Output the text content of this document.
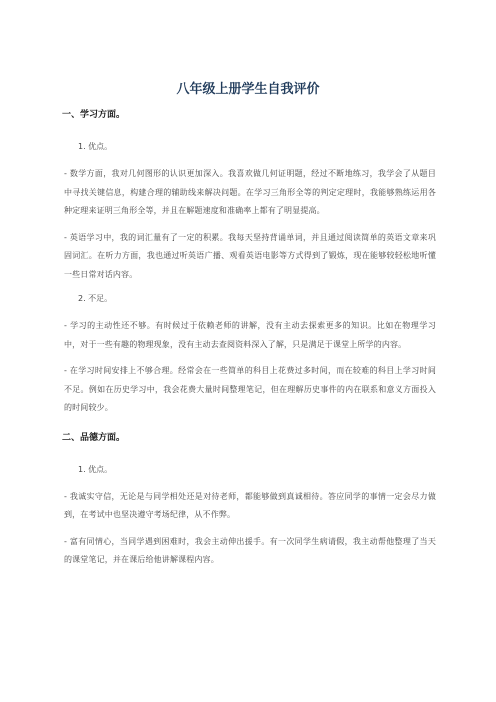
八年级上册学生自我评价
一、学习方面。
1. 优点。
- 数学方面，我对几何图形的认识更加深入。我喜欢做几何证明题，经过不断地练习，我学会了从题目中寻找关键信息，构建合理的辅助线来解决问题。在学习三角形全等的判定定理时，我能够熟练运用各种定理来证明三角形全等，并且在解题速度和准确率上都有了明显提高。
- 英语学习中，我的词汇量有了一定的积累。我每天坚持背诵单词，并且通过阅读简单的英语文章来巩固词汇。在听力方面，我也通过听英语广播、观看英语电影等方式得到了锻炼，现在能够较轻松地听懂一些日常对话内容。
2. 不足。
- 学习的主动性还不够。有时候过于依赖老师的讲解，没有主动去探索更多的知识。比如在物理学习中，对于一些有趣的物理现象，没有主动去查阅资料深入了解，只是满足于课堂上所学的内容。
- 在学习时间安排上不够合理。经常会在一些简单的科目上花费过多时间，而在较难的科目上学习时间不足。例如在历史学习中，我会花费大量时间整理笔记，但在理解历史事件的内在联系和意义方面投入的时间较少。
二、品德方面。
1. 优点。
- 我诚实守信，无论是与同学相处还是对待老师，都能够做到真诚相待。答应同学的事情一定会尽力做到，在考试中也坚决遵守考场纪律，从不作弊。
- 富有同情心，当同学遇到困难时，我会主动伸出援手。有一次同学生病请假，我主动帮他整理了当天的课堂笔记，并在课后给他讲解课程内容。
